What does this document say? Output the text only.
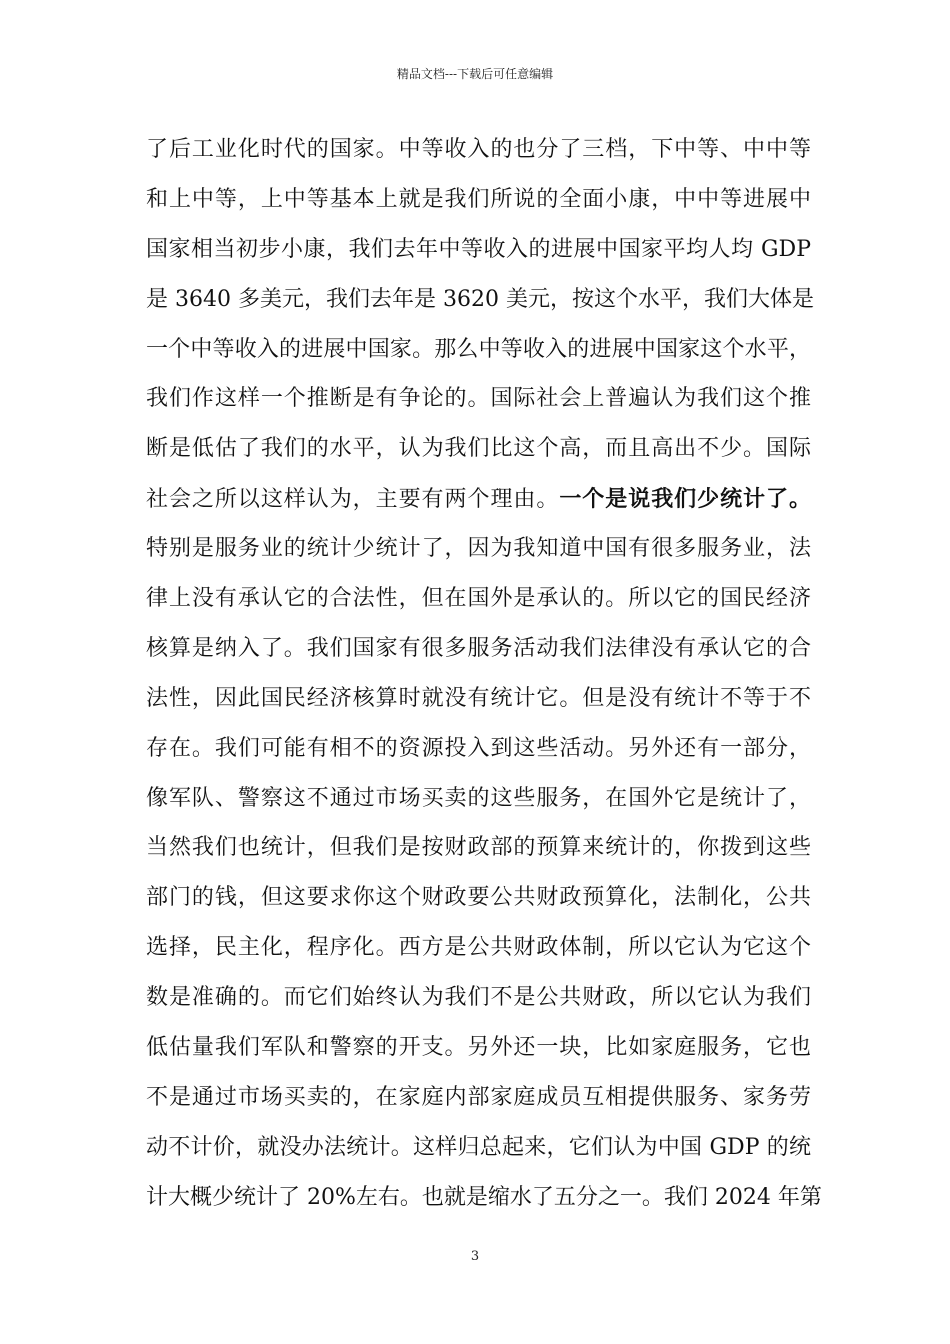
精品文档---下载后可任意编辑
了后工业化时代的国家。中等收入的也分了三档，下中等、中中等
和上中等，上中等基本上就是我们所说的全面小康，中中等进展中
国家相当初步小康，我们去年中等收入的进展中国家平均人均 GDP
是 3640 多美元，我们去年是 3620 美元，按这个水平，我们大体是
一个中等收入的进展中国家。那么中等收入的进展中国家这个水平，
我们作这样一个推断是有争论的。国际社会上普遍认为我们这个推
断是低估了我们的水平，认为我们比这个高，而且高出不少。国际
社会之所以这样认为，主要有两个理由。一个是说我们少统计了。
特别是服务业的统计少统计了，因为我知道中国有很多服务业，法
律上没有承认它的合法性，但在国外是承认的。所以它的国民经济
核算是纳入了。我们国家有很多服务活动我们法律没有承认它的合
法性，因此国民经济核算时就没有统计它。但是没有统计不等于不
存在。我们可能有相不的资源投入到这些活动。另外还有一部分，
像军队、警察这不通过市场买卖的这些服务，在国外它是统计了，
当然我们也统计，但我们是按财政部的预算来统计的，你拨到这些
部门的钱，但这要求你这个财政要公共财政预算化，法制化，公共
选择，民主化，程序化。西方是公共财政体制，所以它认为它这个
数是准确的。而它们始终认为我们不是公共财政，所以它认为我们
低估量我们军队和警察的开支。另外还一块，比如家庭服务，它也
不是通过市场买卖的，在家庭内部家庭成员互相提供服务、家务劳
动不计价，就没办法统计。这样归总起来，它们认为中国 GDP 的统
计大概少统计了 20%左右。也就是缩水了五分之一。我们 2024 年第
3
